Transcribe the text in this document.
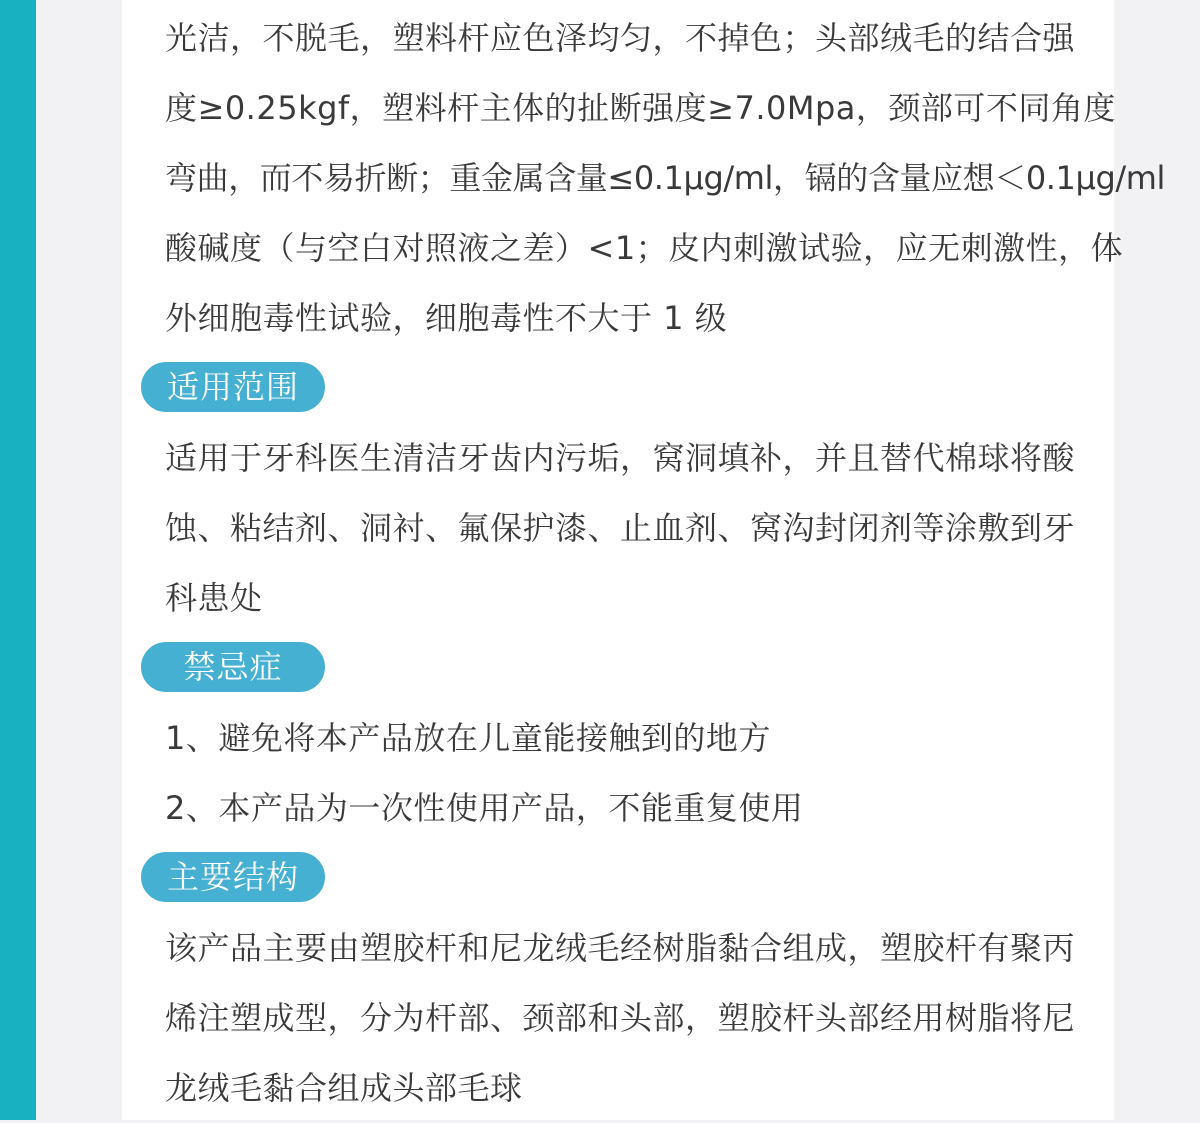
光洁，不脱毛，塑料杆应色泽均匀，不掉色；头部绒毛的结合强
度≥0.25kgf，塑料杆主体的扯断强度≥7.0Mpa，颈部可不同角度
弯曲，而不易折断；重金属含量≤0.1μg/ml，镉的含量应想＜0.1μg/ml
酸碱度（与空白对照液之差）<1；皮内刺激试验，应无刺激性，体
外细胞毒性试验，细胞毒性不大于 1 级
适用范围
适用于牙科医生清洁牙齿内污垢，窝洞填补，并且替代棉球将酸
蚀、粘结剂、洞衬、氟保护漆、止血剂、窝沟封闭剂等涂敷到牙
科患处
禁忌症
1、避免将本产品放在儿童能接触到的地方
2、本产品为一次性使用产品，不能重复使用
主要结构
该产品主要由塑胶杆和尼龙绒毛经树脂黏合组成，塑胶杆有聚丙
烯注塑成型，分为杆部、颈部和头部，塑胶杆头部经用树脂将尼
龙绒毛黏合组成头部毛球
